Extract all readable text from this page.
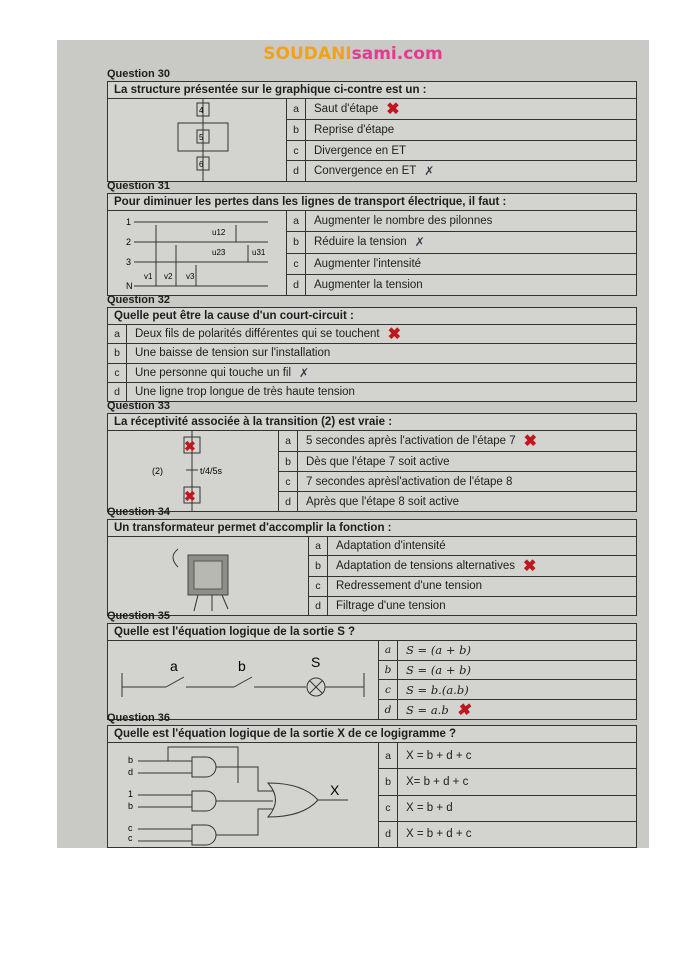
SOUDANIsami.com
Question 30
La structure présentée sur le graphique ci-contre est un :
4
5
6
a	Saut d'étape ✖
b	Reprise d'étape
c	Divergence en ET
d	Convergence en ET ✗
Question 31
Pour diminuer les pertes dans les lignes de transport électrique, il faut :
1
2
3
N
u12
u23	u31
v1 v2 v3
a	Augmenter le nombre des pilonnes
b	Réduire la tension ✗
c	Augmenter l'intensité
d	Augmenter la tension
Question 32
Quelle peut être la cause d'un court-circuit :
a	Deux fils de polarités différentes qui se touchent ✖
b	Une baisse de tension sur l'installation
c	Une personne qui touche un fil ✗
d	Une ligne trop longue de très haute tension
Question 33
La réceptivité associée à la transition (2) est vraie :
✖
✖
(2)	t/4/5s
a	5 secondes après l'activation de l'étape 7 ✖
b	Dès que l'étape 7 soit active
c	7 secondes aprèsl'activation de l'étape 8
d	Après que l'étape 8 soit active
Question 34
Un transformateur permet d'accomplir la fonction :
a	Adaptation d'intensité
b	Adaptation de tensions alternatives ✖
c	Redressement d'une tension
d	Filtrage d'une tension
Question 35
Quelle est l'équation logique de la sortie S ?
a	b	S
a	S = (a + b)
b	S = (a + b)
c	S = b.(a.b)
d	S = a.b ✖
Question 36
Quelle est l'équation logique de la sortie X de ce logigramme ?
b
d
1
b
c
c
X
a	X = b + d + c
b	X= b + d + c
c	X = b + d
d	X = b + d + c
